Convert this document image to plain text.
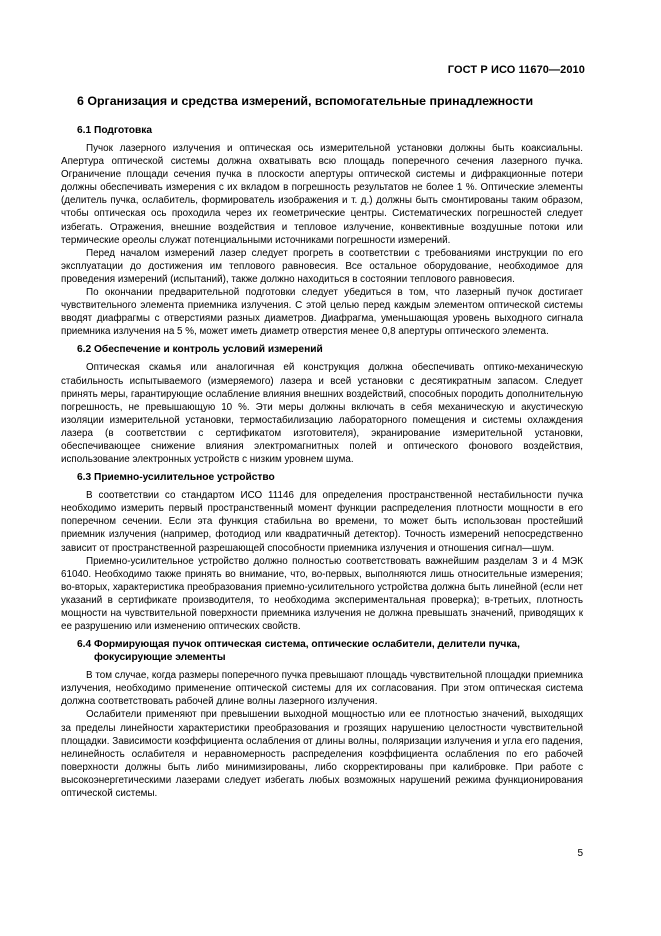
ГОСТ Р ИСО 11670—2010
6 Организация и средства измерений, вспомогательные принадлежности
6.1 Подготовка

Пучок лазерного излучения и оптическая ось измерительной установки должны быть коаксиальны. Апертура оптической системы должна охватывать всю площадь поперечного сечения лазерного пучка. Ограничение площади сечения пучка в плоскости апертуры оптической системы и дифракционные потери должны обеспечивать измерения с их вкладом в погрешность результатов не более 1 %. Оптические элементы (делитель пучка, ослабитель, формирователь изображения и т. д.) должны быть смонтированы таким образом, чтобы оптическая ось проходила через их геометрические центры. Систематических погрешностей следует избегать. Отражения, внешние воздействия и тепловое излучение, конвективные воздушные потоки или термические ореолы служат потенциальными источниками погрешности измерений.

Перед началом измерений лазер следует прогреть в соответствии с требованиями инструкции по его эксплуатации до достижения им теплового равновесия. Все остальное оборудование, необходимое для проведения измерений (испытаний), также должно находиться в состоянии теплового равновесия.

По окончании предварительной подготовки следует убедиться в том, что лазерный пучок достигает чувствительного элемента приемника излучения. С этой целью перед каждым элементом оптической системы вводят диафрагмы с отверстиями разных диаметров. Диафрагма, уменьшающая уровень выходного сигнала приемника излучения на 5 %, может иметь диаметр отверстия менее 0,8 апертуры оптического элемента.

6.2 Обеспечение и контроль условий измерений

Оптическая скамья или аналогичная ей конструкция должна обеспечивать оптико-механическую стабильность испытываемого (измеряемого) лазера и всей установки с десятикратным запасом. Следует принять меры, гарантирующие ослабление влияния внешних воздействий, способных породить дополнительную погрешность, не превышающую 10 %. Эти меры должны включать в себя механическую и акустическую изоляции измерительной установки, термостабилизацию лабораторного помещения и системы охлаждения лазера (в соответствии с сертификатом изготовителя), экранирование измерительной установки, обеспечивающее снижение влияния электромагнитных полей и оптического фонового воздействия, использование электронных устройств с низким уровнем шума.

6.3 Приемно-усилительное устройство

В соответствии со стандартом ИСО 11146 для определения пространственной нестабильности пучка необходимо измерить первый пространственный момент функции распределения плотности мощности в его поперечном сечении. Если эта функция стабильна во времени, то может быть использован простейший приемник излучения (например, фотодиод или квадратичный детектор). Точность измерений непосредственно зависит от пространственной разрешающей способности приемника излучения и отношения сигнал—шум.

Приемно-усилительное устройство должно полностью соответствовать важнейшим разделам 3 и 4 МЭК 61040. Необходимо также принять во внимание, что, во-первых, выполняются лишь относительные измерения; во-вторых, характеристика преобразования приемно-усилительного устройства должна быть линейной (если нет указаний в сертификате производителя, то необходима экспериментальная проверка); в-третьих, плотность мощности на чувствительной поверхности приемника излучения не должна превышать значений, приводящих к ее разрушению или изменению оптических свойств.

6.4 Формирующая пучок оптическая система, оптические ослабители, делители пучка, фокусирующие элементы

В том случае, когда размеры поперечного пучка превышают площадь чувствительной площадки приемника излучения, необходимо применение оптической системы для их согласования. При этом оптическая система должна соответствовать рабочей длине волны лазерного излучения.

Ослабители применяют при превышении выходной мощностью или ее плотностью значений, выходящих за пределы линейности характеристики преобразования и грозящих нарушению целостности чувствительной площадки. Зависимости коэффициента ослабления от длины волны, поляризации излучения и угла его падения, нелинейность ослабителя и неравномерность распределения коэффициента ослабления по его рабочей поверхности должны быть либо минимизированы, либо скорректированы при калибровке. При работе с высокоэнергетическими лазерами следует избегать любых возможных нарушений режима функционирования оптической системы.

5
